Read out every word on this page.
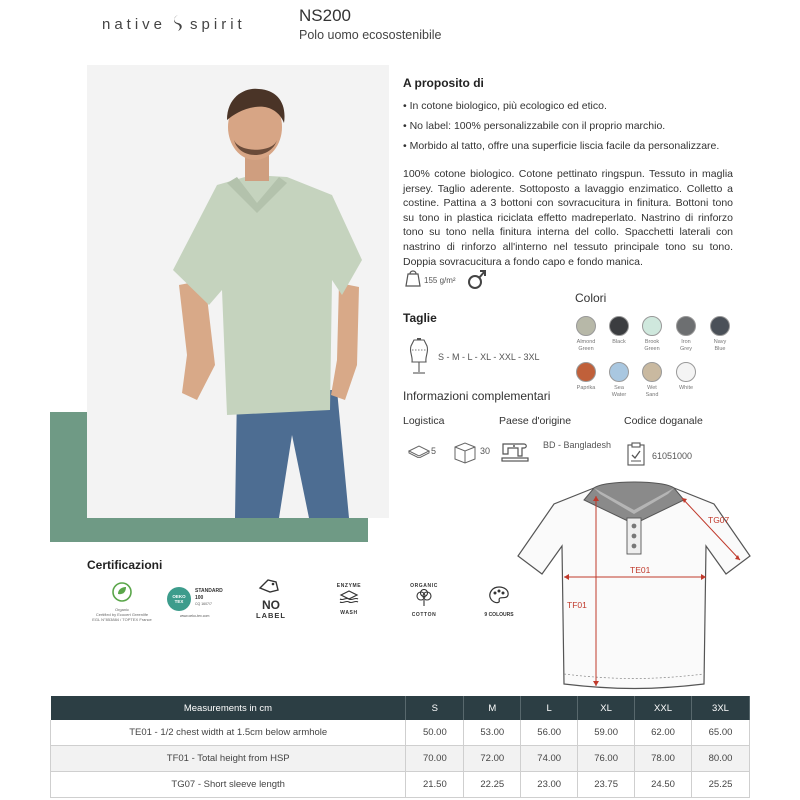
native spirit	NS200
Polo uomo ecosostenibile
A proposito di
• In cotone biologico, più ecologico ed etico.
• No label: 100% personalizzabile con il proprio marchio.
• Morbido al tatto, offre una superficie liscia facile da personalizzare.

100% cotone biologico. Cotone pettinato ringspun. Tessuto in maglia jersey. Taglio aderente. Sottoposto a lavaggio enzimatico. Colletto a costine. Pattina a 3 bottoni con sovracucitura in finitura. Bottoni tono su tono in plastica riciclata effetto madreperlato. Nastrino di rinforzo tono su tono nella finitura interna del collo. Spacchetti laterali con nastrino di rinforzo all'interno nel tessuto principale tono su tono. Doppia sovracucitura a fondo capo e fondo manica.

155 g/m²
Colori
Almond
Green
Black	Brook
Green
Iron
Grey
Navy
Blue
Paprika	Sea
Water
Wet
Sand
White
Taglie
S - M - L - XL - XXL - 3XL
Informazioni complementari
Logistica	Paese d'origine	Codice doganale
5	30
BD - Bangladesh
61051000
TE01
TF01
TG07
Certificazioni
Organic
Certified by Ecocert Greenlife
EGL N°853884 / TOPTEX France
OEKO TEX
STANDARD
100
CQ 1607/7
www.oeko-tex.com
NO
LABEL
ENZYME
WASH
ORGANIC
COTTON	9 COLOURS
Measurements in cm	S	M	L	XL	XXL	3XL
TE01 - 1/2 chest width at 1.5cm below armhole	50.00	53.00	56.00	59.00	62.00	65.00
TF01 - Total height from HSP	70.00	72.00	74.00	76.00	78.00	80.00
TG07 - Short sleeve length	21.50	22.25	23.00	23.75	24.50	25.25
